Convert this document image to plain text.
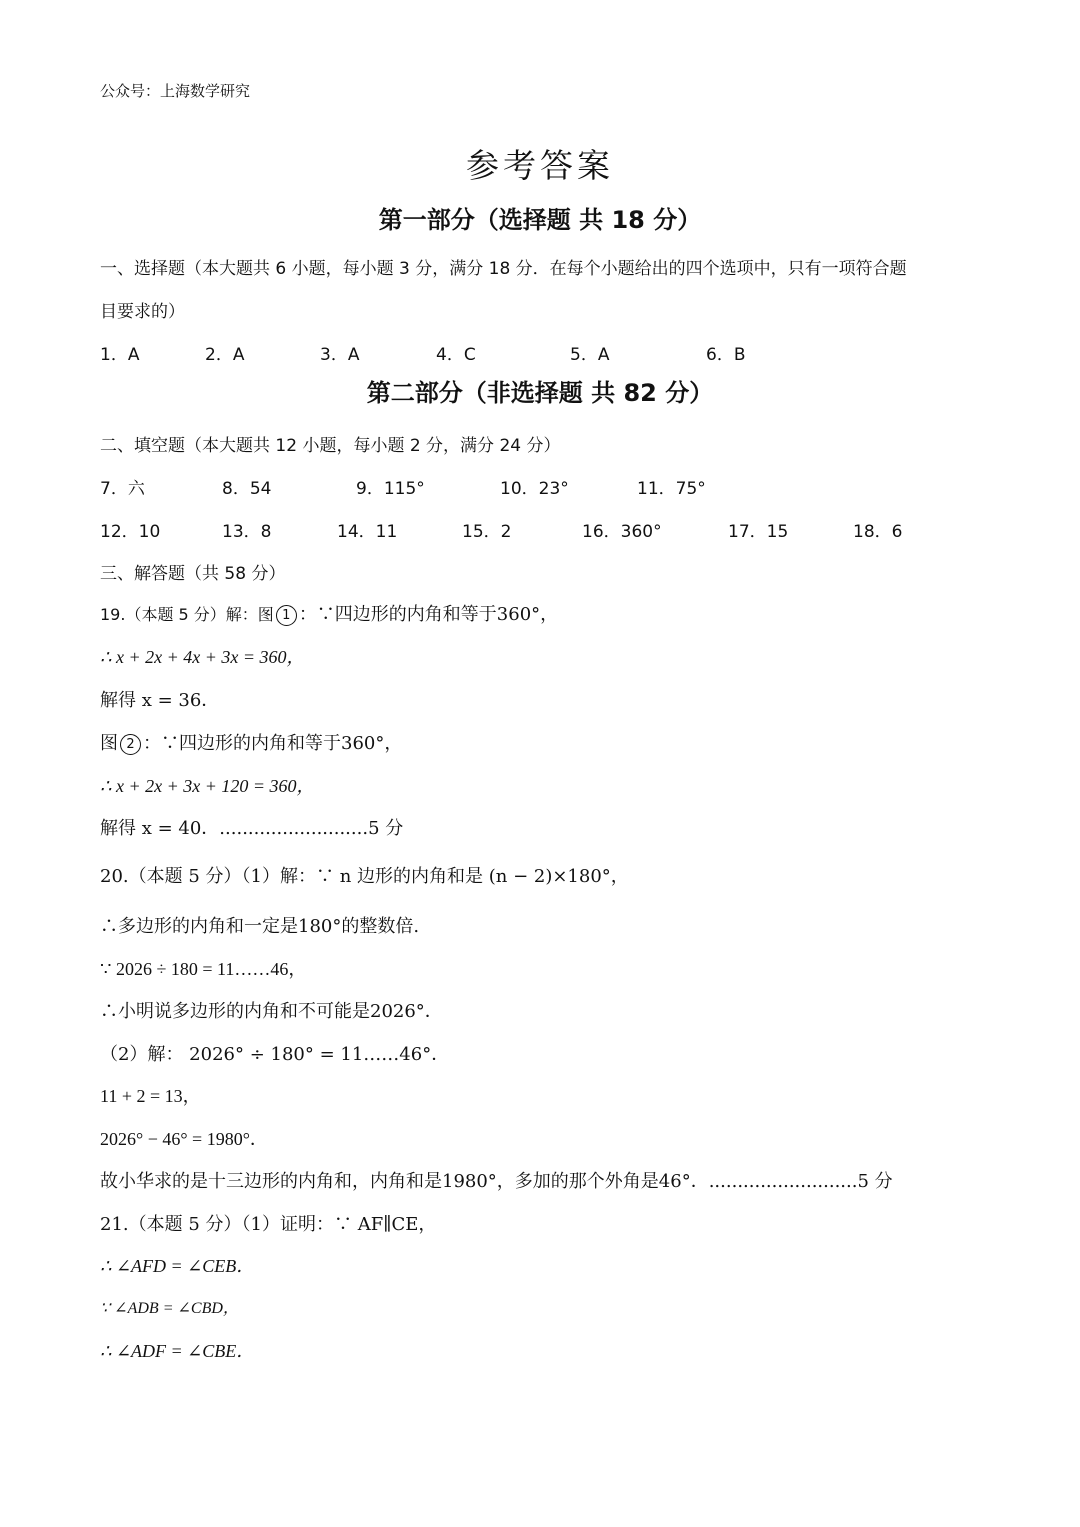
公众号：上海数学研究
参考答案
第一部分（选择题 共 18 分）
一、选择题（本大题共 6 小题，每小题 3 分，满分 18 分．在每个小题给出的四个选项中，只有一项符合题
目要求的）
1．A	2．A	3．A	4．C	5．A	6．B
第二部分（非选择题 共 82 分）
二、填空题（本大题共 12 小题，每小题 2 分，满分 24 分）
7．六	8．54	9．115°	10．23°	11．75°
12．10	13．8	14．11	15．2	16．360°	17．15	18．6
三、解答题（共 58 分）
19.（本题 5 分）解：图 1 ：∵四边形的内角和等于360°，
∴ x + 2x + 4x + 3x = 360，
解得 x = 36．
图 2 ：∵四边形的内角和等于360°，
∴ x + 2x + 3x + 120 = 360，
解得 x = 40．..........................5 分
20.（本题 5 分）（1）解：∵ n 边形的内角和是 (n − 2)×180°，
∴多边形的内角和一定是180°的整数倍.
∵ 2026 ÷ 180 = 11……46，
∴小明说多边形的内角和不可能是2026°．
（2）解： 2026° ÷ 180° = 11……46°．
11 + 2 = 13，
2026° − 46° = 1980°．
故小华求的是十三边形的内角和，内角和是1980°，多加的那个外角是46°．..........................5 分
21.（本题 5 分）（1）证明：∵ AF∥CE，
∴ ∠AFD = ∠CEB．
∵ ∠ADB = ∠CBD，
∴ ∠ADF = ∠CBE．
